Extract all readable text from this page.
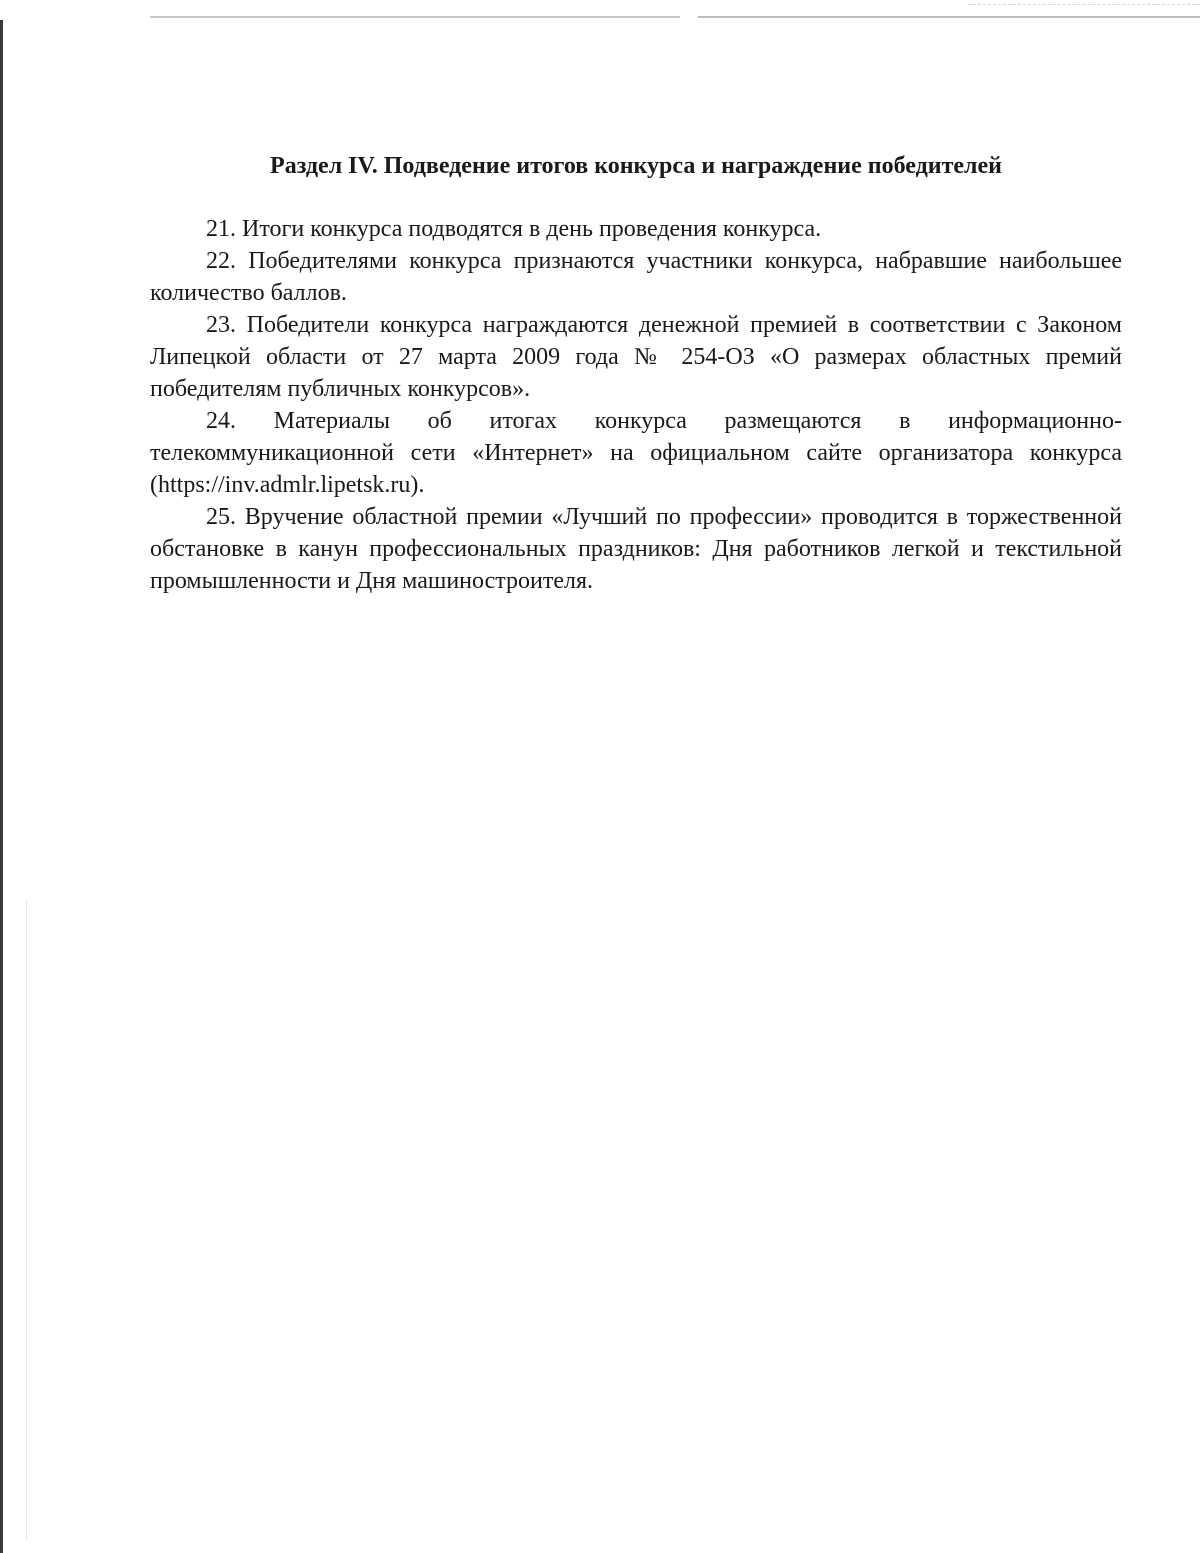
Раздел IV. Подведение итогов конкурса и награждение победителей

21. Итоги конкурса подводятся в день проведения конкурса.

22. Победителями конкурса признаются участники конкурса, набравшие наибольшее количество баллов.

23. Победители конкурса награждаются денежной премией в соответствии с Законом Липецкой области от 27 марта 2009 года № 254-ОЗ «О размерах областных премий победителям публичных конкурсов».

24. Материалы об итогах конкурса размещаются в информационно-телекоммуникационной сети «Интернет» на официальном сайте организатора конкурса (https://inv.admlr.lipetsk.ru).

25. Вручение областной премии «Лучший по профессии» проводится в торжественной обстановке в канун профессиональных праздников: Дня работников легкой и текстильной промышленности и Дня машиностроителя.
